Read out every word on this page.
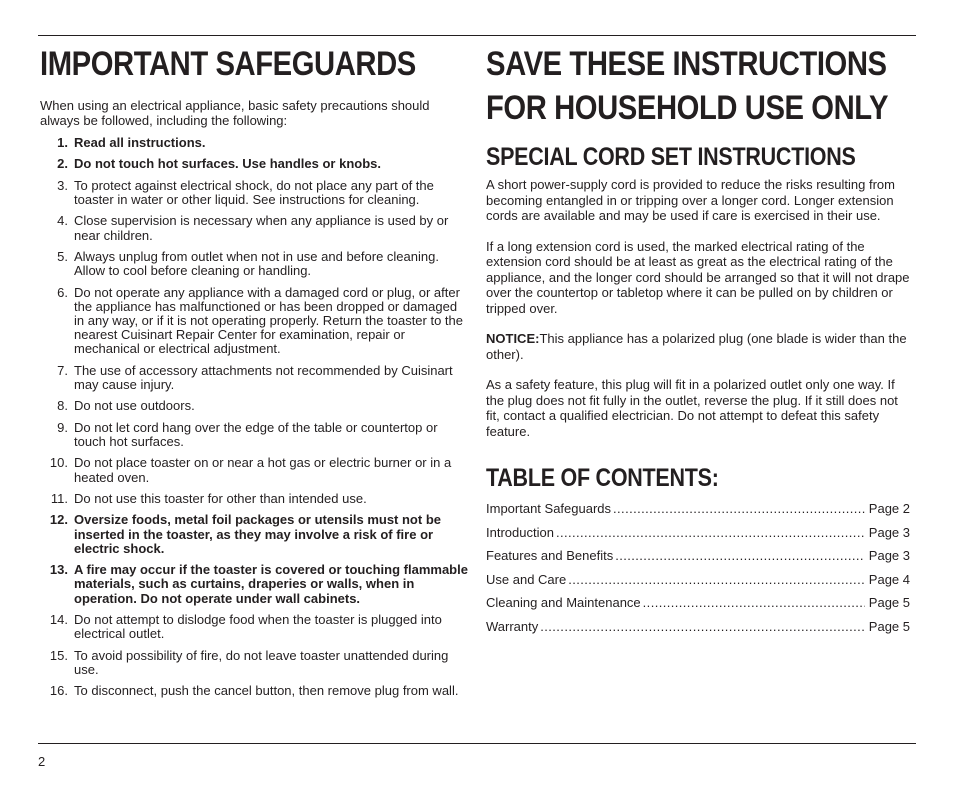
IMPORTANT SAFEGUARDS

When using an electrical appliance, basic safety precautions should always be followed, including the following:

1. Read all instructions.
2. Do not touch hot surfaces. Use handles or knobs.
3. To protect against electrical shock, do not place any part of the toaster in water or other liquid. See instructions for cleaning.
4. Close supervision is necessary when any appliance is used by or near children.
5. Always unplug from outlet when not in use and before cleaning. Allow to cool before cleaning or handling.
6. Do not operate any appliance with a damaged cord or plug, or after the appliance has malfunctioned or has been dropped or damaged in any way, or if it is not operating properly. Return the toaster to the nearest Cuisinart Repair Center for examination, repair or mechanical or electrical adjustment.
7. The use of accessory attachments not recommended by Cuisinart may cause injury.
8. Do not use outdoors.
9. Do not let cord hang over the edge of the table or countertop or touch hot surfaces.
10. Do not place toaster on or near a hot gas or electric burner or in a heated oven.
11. Do not use this toaster for other than intended use.
12. Oversize foods, metal foil packages or utensils must not be inserted in the toaster, as they may involve a risk of fire or electric shock.
13. A fire may occur if the toaster is covered or touching flammable materials, such as curtains, draperies or walls, when in operation. Do not operate under wall cabinets.
14. Do not attempt to dislodge food when the toaster is plugged into electrical outlet.
15. To avoid possibility of fire, do not leave toaster unattended during use.
16. To disconnect, push the cancel button, then remove plug from wall.
SAVE THESE INSTRUCTIONS
FOR HOUSEHOLD USE ONLY
SPECIAL CORD SET INSTRUCTIONS

A short power-supply cord is provided to reduce the risks resulting from becoming entangled in or tripping over a longer cord. Longer extension cords are available and may be used if care is exercised in their use.

If a long extension cord is used, the marked electrical rating of the extension cord should be at least as great as the electrical rating of the appliance, and the longer cord should be arranged so that it will not drape over the countertop or tabletop where it can be pulled on by children or tripped over.

NOTICE:This appliance has a polarized plug (one blade is wider than the other).

As a safety feature, this plug will fit in a polarized outlet only one way. If the plug does not fit fully in the outlet, reverse the plug. If it still does not fit, contact a qualified electrician. Do not attempt to defeat this safety feature.

TABLE OF CONTENTS:
Important Safeguards .....	Page 2
Introduction .....	Page 3
Features and Benefits .....	Page 3
Use and Care .....	Page 4
Cleaning and Maintenance .....	Page 5
Warranty .....	Page 5
2
